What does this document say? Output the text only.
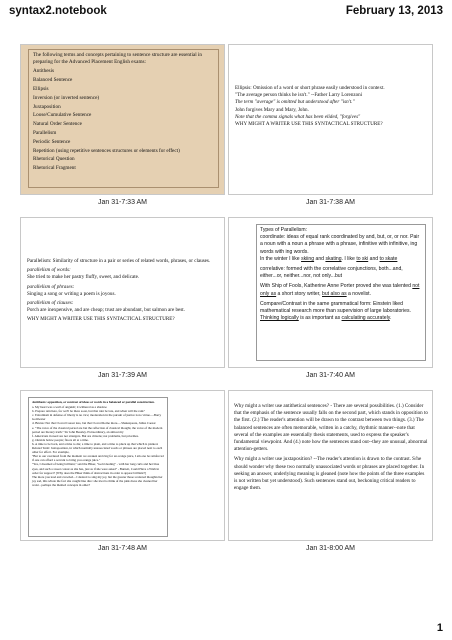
syntax2.notebook	February 13, 2013
The following terms and concepts pertaining to sentence structure are essential in preparing for the Advanced Placement English exams:
Antithesis
Balanced Sentence
Ellipsis
Inversion (or inverted sentence)
Juxtaposition
Loose/Cumulative Sentence
Natural Order Sentence
Parallelism
Periodic Sentence
Repetition (using repetitive sentences structures or elements for effect)
Rhetorical Question
Rhetorical Fragment
Jan 31-7:33 AM
Ellipsis: Omission of a word or short phrase easily understood in context.
"The average person thinks he isn't." --Father Larry Lorenzoni
The term "average" is omitted but understood after "isn't."
John forgives Mary and Mary, John.
Note that the comma signals what has been elided, "forgives"
WHY MIGHT A WRITER USE THIS SYNTACTICAL STRUCTURE?
Jan 31-7:38 AM
Parallelism: Similarity of structure in a pair or series of related words, phrases, or clauses.
parallelism of words:
She tried to make her pastry fluffy, sweet, and delicate.
parallelism of phrases:
Singing a song or writing a poem is joyous.
parallelism of clauses:
Porch are inexpensive, and are cheap; trust are abundant, but salmon are best.
WHY MIGHT A WRITER USE THIS SYNTACTICAL STRUCTURE?
Jan 31-7:39 AM
Types of Parallelism:
coordinate: ideas of equal rank coordinated by and, but, or, or nor. Pair a noun with a noun a phrase with a phrase, infinitive with infinitive, ing words with ing words.
In the winter I like skiing and skating. I like to ski and to skate
correlative: formed with the correlative conjunctions, both...and, either...or, neither...nor, not only...but
With Ship of Fools, Katherine Anne Porter proved she was talented not only as a short story writer, but also as a novelist.
Compare/Contrast in the same grammatical form: Einstein liked mathematical research more than supervision of large laboratories. Thinking logically is as important as calculating accurately.
Jan 31-7:40 AM
Antithesis: opposition, or contrast of ideas or words in a balanced or parallel construction.
a. My heart was a well of anguish; it withered as a shadow.
b. Prepare rain here, for we'll be there soon, but that rain be late, and when will the rain?
c. Extremism in defense of liberty is no vice; moderation in the pursuit of justice is no virtue.—Barry Goldwater
d. Brutus: Not that I loved Caesar less, but that I loved Rome more.—Shakespeare, Julius Caesar
e. "The voice of the classical period are but the reflection of classical thought, the voice of the modern period are literary truth." Sir John Beasley. Extraordinary, an almost my
f. Americans in need are not strangers. But are citizens; not problems, but priorities.
g. Outside below people; floors all at a time.
h. A time to be born, and a time to die; a time to plant, and a time to pluck up that which is planted.
Related Term: Juxtaposition, in which normally unassociated words or phrases are placed next to each other for effect. For example,
"But to our overtured from the moment we awaken and ring for an orange juice, I am one be reinforced if one can afford a servant to bring you orange juice."
"Yes, I dreamed of being brilliant," said the Hiker, "Gold dealing" - with her long curls and her blue eyes, and such a sweet colour as she has, just as if she were asked" - Burnett, Could Have a Wish in order for support? [Why does the Hiker think of abstractions in order to appear brilliant?]
The more you lead and crowded... I desired to sing my joy, but the greater those scattered thoughts her joy sad, this whole the fact she caught like dire: she tried to think of the pink dress she cleaned her waist - perhaps the themed concepts in other?
Jan 31-7:48 AM
Why might a writer use antithetical sentences? - There are several possibilities. (1.) Consider that the emphasis of the sentence usually falls on the second part, which stands in opposition to the first. (2.) The reader's attention will be drawn to the contrast between two things. (3.) The balanced sentences are often memorable, written in a catchy, rhythmic manner--note that several of the examples are essentially thesis statements, used to express the speaker's fundamental viewpoint. And (4.) note how the sentences stand out--they are unusual, abnormal attention-getters.
Why might a writer use juxtaposition? --The reader's attention is drawn to the contrast. S/he should wonder why these two normally unassociated words or phrases are placed together. In seeking an answer, underlying meaning is gleaned (note how the points of the three examples is not written but yet understood). Such sentences stand out, beckoning critical readers to engage them.
Jan 31-8:00 AM
1
